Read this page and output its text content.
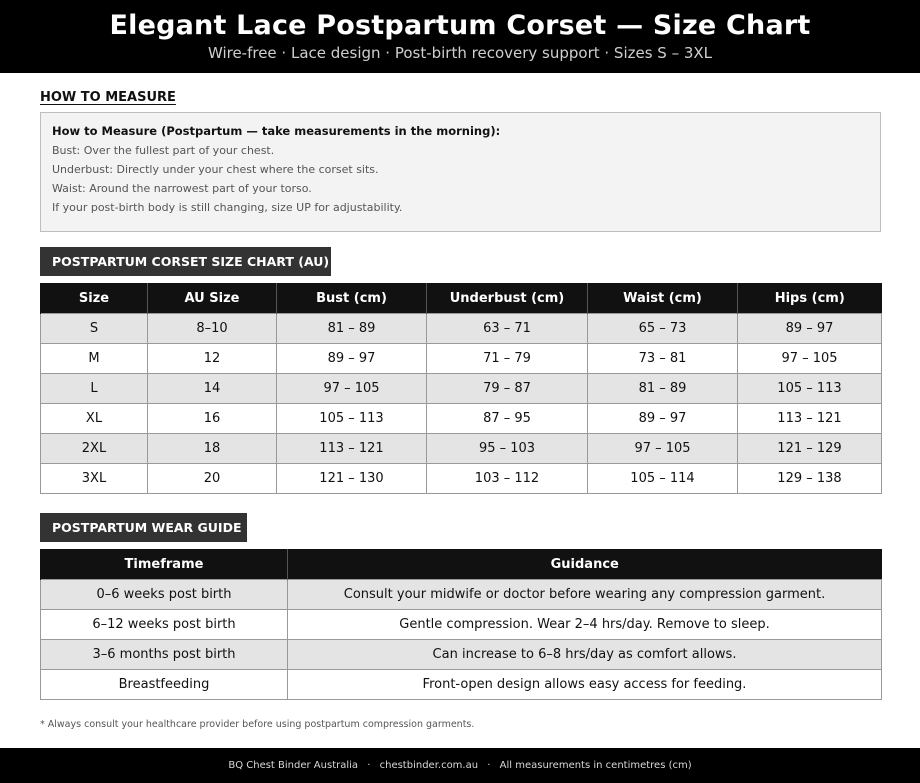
Elegant Lace Postpartum Corset — Size Chart
Wire-free · Lace design · Post-birth recovery support · Sizes S – 3XL
HOW TO MEASURE
How to Measure (Postpartum — take measurements in the morning):
Bust: Over the fullest part of your chest.
Underbust: Directly under your chest where the corset sits.
Waist: Around the narrowest part of your torso.
If your post-birth body is still changing, size UP for adjustability.
POSTPARTUM CORSET SIZE CHART (AU)
Size	AU Size	Bust (cm)	Underbust (cm)	Waist (cm)	Hips (cm)
S	8–10	81 – 89	63 – 71	65 – 73	89 – 97
M	12	89 – 97	71 – 79	73 – 81	97 – 105
L	14	97 – 105	79 – 87	81 – 89	105 – 113
XL	16	105 – 113	87 – 95	89 – 97	113 – 121
2XL	18	113 – 121	95 – 103	97 – 105	121 – 129
3XL	20	121 – 130	103 – 112	105 – 114	129 – 138
POSTPARTUM WEAR GUIDE
Timeframe	Guidance
0–6 weeks post birth	Consult your midwife or doctor before wearing any compression garment.
6–12 weeks post birth	Gentle compression. Wear 2–4 hrs/day. Remove to sleep.
3–6 months post birth	Can increase to 6–8 hrs/day as comfort allows.
Breastfeeding	Front-open design allows easy access for feeding.
* Always consult your healthcare provider before using postpartum compression garments.
BQ Chest Binder Australia · chestbinder.com.au · All measurements in centimetres (cm)
